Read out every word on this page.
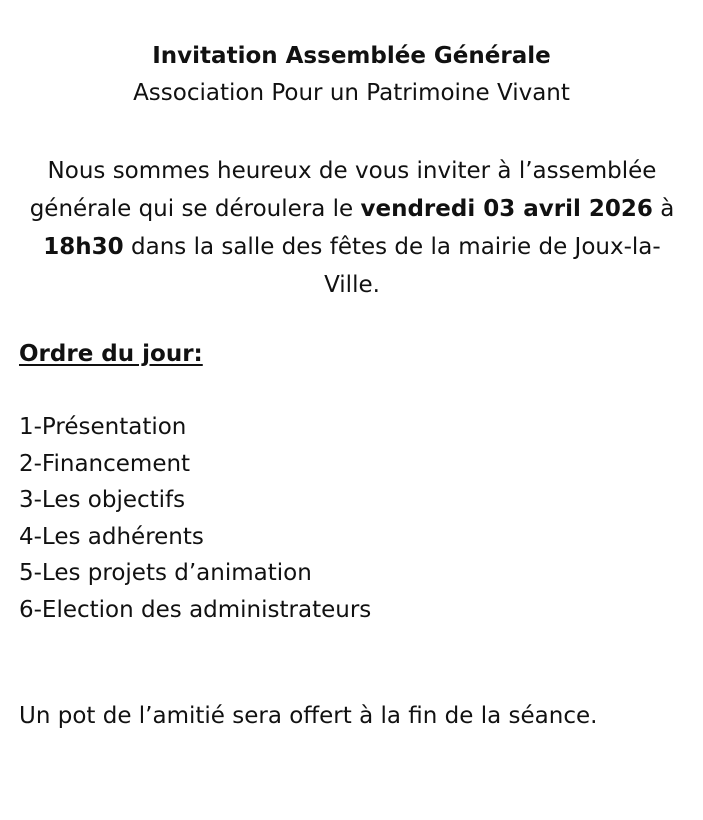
Invitation Assemblée Générale
Association Pour un Patrimoine Vivant

Nous sommes heureux de vous inviter à l’assemblée générale qui se déroulera le vendredi 03 avril 2026 à 18h30 dans la salle des fêtes de la mairie de Joux-la-Ville.

Ordre du jour:
1-Présentation
2-Financement
3-Les objectifs
4-Les adhérents
5-Les projets d’animation
6-Election des administrateurs
Un pot de l’amitié sera offert à la fin de la séance.
